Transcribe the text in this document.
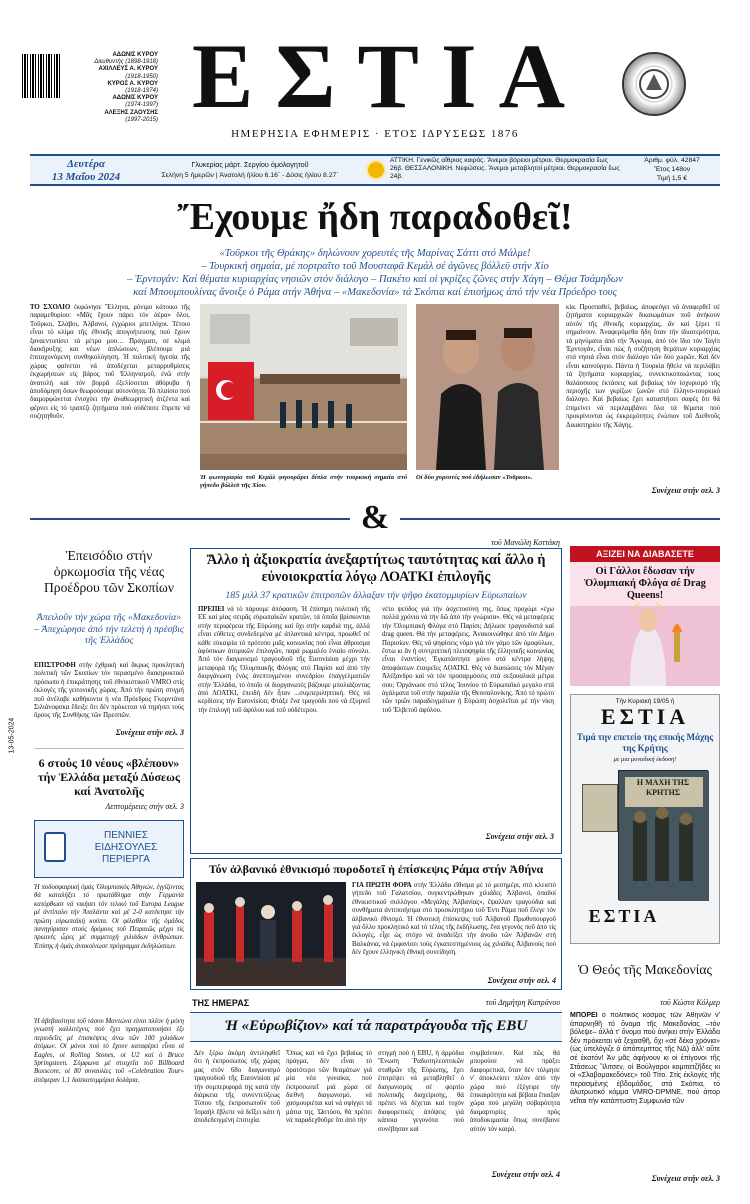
ΑΔΩΝΙΣ ΚΥΡΟΥ
Διευθυντής (1898-1918)
ΑΧΙΛΛΕΥΣ Α. ΚΥΡΟΥ
(1918-1950)
ΚΥΡΟΣ Α. ΚΥΡΟΥ
(1918-1974)
ΑΔΩΝΙΣ ΚΥΡΟΥ
(1974-1997)
ΑΛΕΞΗΣ ΖΑΟΥΣΗΣ
(1997-2015) ΕΣΤΙΑ
ΗΜΕΡΗΣΙΑ ΕΦΗΜΕΡΙΣ · ΕΤΟΣ ΙΔΡΥΣΕΩΣ 1876
Δευτέρα
13 Μαΐου 2024
Γλυκερίας μάρτ. Σεργίου όμολογητοῦ
Σελήνη 5 ἡμερῶν | Ἀνατολή ἡλίου 6.16΄ - Δύσις ἡλίου 8.27΄
ΑΤΤΙΚΗ. Γενικῶς αἴθριος καιρός. Ἄνεμοι βόρειοι μέτριοι. Θερμοκρασία ἕως 26β. ΘΕΣΣΑΛΟΝΙΚΗ. Νεφώσεις. Ἄνεμοι μεταβλητοί μέτριοι. Θερμοκρασία ἕως 24β.
Ἀριθμ. φύλ. 42847
Ἔτος 148ον
Τιμή 1,5 €
13-05-2024
Ἔχουμε ἤδη παραδοθεῖ!
«Τοῦρκοι τῆς Θράκης» δηλώνουν χορευτές τῆς Μαρίνας Σάττι στό Μάλμε!
– Τουρκική σημαία, μέ πορτραῖτο τοῦ Μουσταφᾶ Κεμάλ σέ ἀγῶνες βόλλεϋ στήν Χίο
– Ἐρντογάν: Καί θέματα κυριαρχίας νησιῶν στόν διάλογο – Πακέτο καί οἱ γκρίζες ζῶνες στήν Χάγη – Θέμα Τσάμηδων
καί Μπουμπουλίνας ἄνοιξε ὁ Ράμα στήν Ἀθήνα – «Μακεδονία» τά Σκόπια καί ἐπισήμως ἀπό τήν νέα Πρόεδρο τους
ΤΟ ΣΧΟΛΙΟ ἐκφώνησε Ἕλληνα, μόνιμο κάτοικο τῆς παραμεθορίου: «Μᾶς ἔχουν πάρει τόν ἀέρα» ὅλοι, Τοῦρκοι, Σλάβοι, Ἀλβανοί, ἐγχώριοι μπετλόχοι. Τέτοιο εἶναι τό κλίμα τῆς ἐθνικῆς ἀπογοήτευσης πού ἔχουν ξαναεντοπίσει τά μέτρα μου… Πράγματι, σέ κλιμά διακήρυξης και νέων ἀπλώσεων, βλέπουμε μιά ἐπιταχυνόμενη συνθηκολόγηση. Ἡ πολιτική ἡγεσία τῆς χώρας φαίνεται νά ἀποδέχεται μεταρρυθμίσεις ἐκχωρήσεων εἰς βάρος τοῦ Ἑλληνισμοῦ, ἐνῶ στήν ἀνατολή καί τόν βορρᾶ ἐξελίσσεται ἀθόρυβα ἡ ἀποδόμηση ὅσων θεωρούσαμε αὐτονόητα. Τό πλαίσιο πού διαμορφώνεται ἐνισχύει τήν ἀναθεωρητική ἀτζέντα καί φέρνει εἰς τό τραπέζι ζητήματα πού οὐδέποτε ἔπρεπε νά συζητηθοῦν.
Ἡ φωτογραφία τοῦ Κεμάλ φιγουράρει δίπλα στήν τουρκική σημαία στό γήπεδο βόλλεϋ τῆς Χίου.
Οἱ δύο χορευτές πού ἐδήλωσαν «Τοῦρκοι».
κία. Προσπαθεί, βεβαίως, ἀποφεύγει νά ἀναφερθεῖ σέ ζητήματα κυριαρχικῶν δικαιωμάτων ποῦ ἀνήκουν αὐτόν τῆς ἐθνικῆς κυριαρχίας, ἄν καί ξέρει τί σημαίνουν. Ἀναφερόμεθα ἤδη ὅταν τήν ἰδιαιτερότητα, τά μηνύματα ἀπό τήν Ἄγκυρα, ἀπό τόν ἴδιο τόν Ταγίπ Ἐρντογάν, εἶναι πώς ἡ συζήτηση θεμάτων κυριαρχίας στά νησιά εἶναι στόν διάλογο τῶν δύο χωρῶν. Καί δέν εἶναι καινούργιο. Πάντα ἡ Τουρκία ἤθελε νά περιλάβει τά ζητήματα κυριαρχίας, συνεκτικοποιώντας τους θαλάσσιους ἐκτάσεις καί βεβαίως τόν ἰσχυρισμό τῆς περιοχῆς των γκρίζων ζωνῶν στό ἑλληνο-τουρκικό διάλογο. Καί βεβαίως ἔχει καταστήσει σαφές ὅτι θά ἐπιμείνει νά περιλαμβάνει ὅλα τά θέματα πού προκρίνονται ὡς ἐκκρεμότητες ἐνώπιον τοῦ Διεθνοῦς Δικαστηρίου τῆς Χάγης.
Συνέχεια στήν σελ. 3
&
Ἐπεισόδιο στήν ὁρκωμοσία τῆς νέας Προέδρου τῶν Σκοπίων
Ἀπειλοῦν τήν χώρα τῆς «Μακεδονία» – Ἀπεχώρησε ἀπό τήν τελετή ἡ πρέσβις τῆς Ἑλλάδος
ΕΠΙΣΤΡΟΦΗ στήν ἐχθρική καί ἄκρως προκλητική πολιτική τῶν Σκοπίων τόν περασμένο διακηρυκτικό πρόσωπο ἡ ἐπικράτησης τοῦ ἐθνικιστικοῦ VMRO στίς ἐκλογές τῆς γειτονικῆς χώρας. Ἀπό τήν πρώτη στιγμή ποῦ ἀνέλαβε καθήκοντα ἡ νέα Πρόεδρος Γκορντάνα Σιλιάνοφσκα ἔδειξε ὅτι δέν πρόκειται νά τηρήσει τούς ὅρους τῆς Συνθήκης τῶν Πρεσπῶν.
Συνέχεια στήν σελ. 3
6 στούς 10 νέους «βλέπουν» τήν Ἑλλάδα μεταξύ Δύσεως καί Ἀνατολῆς
Λεπτομέρειες στήν σελ. 3
ΠΕΝΝΙΕΣ ΕΙΔΗΣΟΥΛΕΣ ΠΕΡΙΕΡΓΑ
Ἡ ποδοσφαιρική ὁμάς Ὀλυμπιακός Ἀθηνών, ἐγγίζοντας θά καταλήξει τό πρωτάθλημα στήν Γερμανία κατόρθωσε νά νικήσει τόν τελικό τοῦ Europa League μέ ἀντίπαλο τήν Ἀταλάντα καί μέ 2-0 κατέκτησε τήν πρώτη εὐρωπαϊκή κούπα. Οἱ φίλαθλοι τῆς ὁμάδος πανηγύρισαν στούς δρόμους τοῦ Πειραιῶς μέχρι τίς πρωινές ὧρες μέ συμμετοχή χιλιάδων ἀνθρώπων. Ἐπίσης ἡ ὁμάς ἀνακοίνωσε πρόγραμμα ἐκδηλώσεων.
Ἡ ἀβεβαιότητα τοῦ τάσου Μαντώνα εἶναι πλέον ἡ μόνη γνωστή καλλιτέχνις πού ἔχει πραγματοποιήσει ἐξι περιοδεῖες μέ ἐπισκέψεις ἀνω τῶν 100 χιλιάδων ἀτόμων. Οἱ μόνοι πού τό ἔχουν καταφέρει εἶναι οἱ Eagles, οἱ Rolling Stones, οἱ U2 καί ὁ Bruce Springsteen. Σύμφωνα μέ στοιχεῖα τοῦ Billboard Boxscore, οἱ 80 συναυλίες τοῦ «Celebration Tour» ἀπέφεραν 1,1 δισεκατομμύρια δολάρια.
τοῦ Μανώλη Κοττάκη
Ἄλλο ἡ ἀξιοκρατία ἀνεξαρτήτως ταυτότητας καί ἄλλο ἡ εὐνοιοκρατία λόγῳ ΛΟΑΤΚΙ ἐπιλογῆς
185 μιλλ 37 κρατικῶν ἐπιτροπῶν ἄλλαξαν τήν ψῆφο ἑκατομμυρίων Εὐρωπαίων
ΠΡΕΠΕΙ νά τό πάρουμε ἀπόφαση. Ἡ ἐπίσημη πολιτική τῆς ΕΕ καί μίας σειρᾶς εὐρωπαϊκῶν κρατῶν, τά ὁποῖα βρίσκονται στήν περιφέρεια τῆς Εὐρώπης καί ὄχι στήν καρδιά της, ἀλλά εἶναι εὔθετες συνδεδεμένα μέ ἀτλαντικά κέντρα, προωθεῖ σέ κάθε εὐκαιρία τό πρότυπο μιᾶς κοινωνίας πού εἶναι ἀθροισμα ἀφύσικων ἀτομικῶν ἐπιλογῶν, παρά ρωμαλέο ἑνιαίο σύνολο. Ἀπό τόν διαγωνισμό τραγουδιοῦ τῆς Eurovision μέχρι τήν μεταφορά τῆς Ὀλυμπιακῆς Φλόγας στό Παρίσι καί ἀπό τήν διοργάνωση ἐνός ἀνεπτυγμένου συνεδρίου ἐπαγγελματιῶν στήν Ἑλλάδα, τό ὁποῖο οἱ διοργανωτές βάζουμε μπολιάζοντας ἀπό ΛΟΑΤΚΙ, ἐπειδή δέν ἦταν ...συμπεριληπτική. Θές νά κερδίσεις τήν Eurovision; Φτάξε ἕνα τραγούδι πού νά ἐξυμνεῖ τήν ἐπιλογή τοῦ ἀφύλου καί τοῦ οὐδέτερου.
νέτο ψεύδος γιά τήν ἀσχετοσύνη της, ὅπως προχώρι «ἐχω πολλά χρόνια νά τήν δῶ ἀπό τήν γνώρισα». Θές νά μεταφέρεις τήν Ὀλυμπιακή Φλόγα στό Παρίσι; Δήλωσε τραγουδιστά καί drag queen. Θά τήν μεταφέρεις. Ἀνακοινώθηκε ἀπό τόν Δήμο Παρισίων. Θές νά ψηφίσεις νόμο γιά τόν γάμο τῶν ὁμοφύλων, ἔστω κι ἄν ἡ συντριπτική πλειοψηφία τῆς ἑλληνικῆς κοινωνίας εἶναι ἐναντίον; Ἐγκατάστησε μόνο στά κέντρα λήψης ἀποφάσεων ἐταιρεῖες ΛΟΑΤΚΙ. Θές νά διασώσεις τόν Μέγαν Ἀλέξανδρο καί νά τόν προσαρμόσεις στά σεξουαλικά μέτρα σου; Ὀργάνωσε στό τέλος Ἰουνίου τό Εὐρωπαϊκό μεγαλο στά ἀγάλματα τοῦ στήν παραλία τῆς Θεσσαλονίκης. Ἀπό τό πρώτο τῶν τριῶν παραδειγμάτων ἡ Εὐρώπη ἀσχολεῖται μέ τήν νίκη τοῦ Ἐλβετοῦ ἀφύλου.
Συνέχεια στήν σελ. 3
Τόν ἀλβανικό ἐθνικισμό πυροδοτεῖ ἡ ἐπίσκεψις Ράμα στήν Ἀθήνα
ΓΙΑ ΠΡΩΤΗ ΦΟΡΑ στήν Ἑλλάδα εἴθισμα μέ τό μεσημέρι, στό κλειστό γήπεδο τοῦ Γαλατσίου, συγκεντρώθηκαν χιλιάδες Ἀλβανοί, ὀπαδοί ἐθνικιστικοῦ συλλόγου «Μεγάλης Ἀλβανίας», ἔψαλλαν τραγούδια καί συνθήματα ἀντιποιήσιμα στό προσκλητήριο τοῦ Ἐντι Ράμα ποῦ ἔλεγε τόν ἀλβανικό ἐθνισμό. Ἡ ἐθνοτική ἐπίσκεψις τοῦ Ἀλβανοῦ Πρωθυπουργοῦ γιά ὄλλο προκλητικό καί τό τέλος τῆς ἐκδήλωσης, ἕνα γεγονός ποῦ ἀπό τίς ἐκλογές, εἶχε ὡς στόχο νά ἀναδείξει τήν ἀνοδο τῶν Ἀλβανῶν στή Βαλκάνια, νά ἐμφανίσει τούς ἐγκατεστημένους ὡς χιλιάδες Ἀλβανούς πού δέν ἔχουν ἑλληνική ἐθνική συνείδηση.
Συνέχεια στήν σελ. 4
ΑΞΙΖΕΙ ΝΑ ΔΙΑΒΑΣΕΤΕ
Οἱ Γάλλοι ἔδωσαν τήν Ὀλυμπιακή Φλόγα σέ Drag Queens!
Τήν Κυριακή 19/05 ἡ
ΕΣΤΙΑ
Τιμά την επετείο της επικής Μάχης της Κρήτης
με μια μοναδική έκδοση!
Η ΜΑΧΗ ΤΗΣ ΚΡΗΤΗΣ
ΕΣΤΙΑ
Ὁ Θεός τῆς Μακεδονίας
τοῦ Κώστα Κόλμερ
ΜΠΟΡΕΙ ὁ πολιτικός κόσμος τῶν Ἀθηνῶν ν' ἀπαρνηθῆ τό ὄνομα τῆς Μακεδονίας –τόν βόλεψε– ἀλλά τ' ὄνομα πού ἀνήκει στήν Ἑλλάδα δέν πρόκειται νά ξεχασθῆ, ὄχι «σέ δέκα χρόνια» (ὡς ὑπελόγιζε ὁ ἀπόπεμπτος τῆς ΝΔ) ἀλλ' οὔτε σέ ἑκατόν! Ἀν μᾶς ἀφήνουν κι οἱ ἐπίγονοι τῆς Στάσεως Ἴλιτσεν, οἱ Βούλγαροι κομιτατζῆδες κι οἱ «Σλαβομακεδόνες» τοῦ Τίτο. Στίς ἐκλογές τῆς περασμένης ἑβδομάδος, στά Σκόπια, τό ἀλυτρωτικό κόμμα VMRO-DPMNE, πού ἀπορ νεῖται τήν κατάπτυστη Συμφωνία τῶν
Συνέχεια στήν σελ. 3
ΤΗΣ ΗΜΕΡΑΣ	τοῦ Δημήτρη Καπράνου
Ἡ «Εὐρωβίζιον» καί τά παρατράγουδα τῆς EBU
Δέν ξέρω ἀκόμη ἀντιληφθεῖ ὅτι ἡ ἐκπροσωπος τῆς χώρας μας στόν 68ο διαγωνισμό τραγουδιοῦ τῆς Eurovision μέ τήν συμπεριφορά της κατά τήν διάρκεια τῆς συνεντεύξεως Τύπου τῆς ἐκπροσωποῦν τοῦ Ἰσραήλ ἔβλεπε νά δεῖξει κάτι ἡ ἀποδεδειγμένη ἐπιτυχία.
Ὅπως καί νά ἔχει βεβαίως τό πράγμα, δέν εἶναι τό ὀρατότερο τῶν θεαμάτων γιά μία νέα γυναίκα, πού ἐκπροσωπεῖ μιά χώρα σέ διεθνή διαγωνισμό, νά χασμουριέται καί νά σφίγγει τά μάτια της. Ὡστόσο, θά πρέπει νά παραδεχθοῦμε ὅτι ἀπό τήν
στιγμή πού ἡ EBU, ἡ ἀρμόδια Ἕνωση Ῥαδιοτηλεοπτικῶν σταθμῶν τῆς Εὐρώπης, ἔχει ἐπιτρέψει νά μεταβληθεῖ ὁ διαγωνισμός σέ φορτίο πολιτικῆς διαχείρισης, θά πρέπει νά δέχεται καί τυχόν διαφορετικές ἀπόψεις γιά κάποια γεγονότα πού συνέβησαν καί
συμβαίνουν. Καί πῶς θά μπορούσε νά πράξει διαφορετικά, ὅταν δέν τόλμησε ν' ἀποκλείσει πλέον ἀπό τήν χώρα πού ἐξέγειρε τήν ἐπικαιρότητα καί βέβαια ἔπαιξαν χώρα πού μεγάλη σοβαρότητα διαμαρτυρίες πρός ἀποδοκιμασία ὅπως συνέβαινε αὐτόν τόν καιρό.
Συνέχεια στήν σελ. 4
